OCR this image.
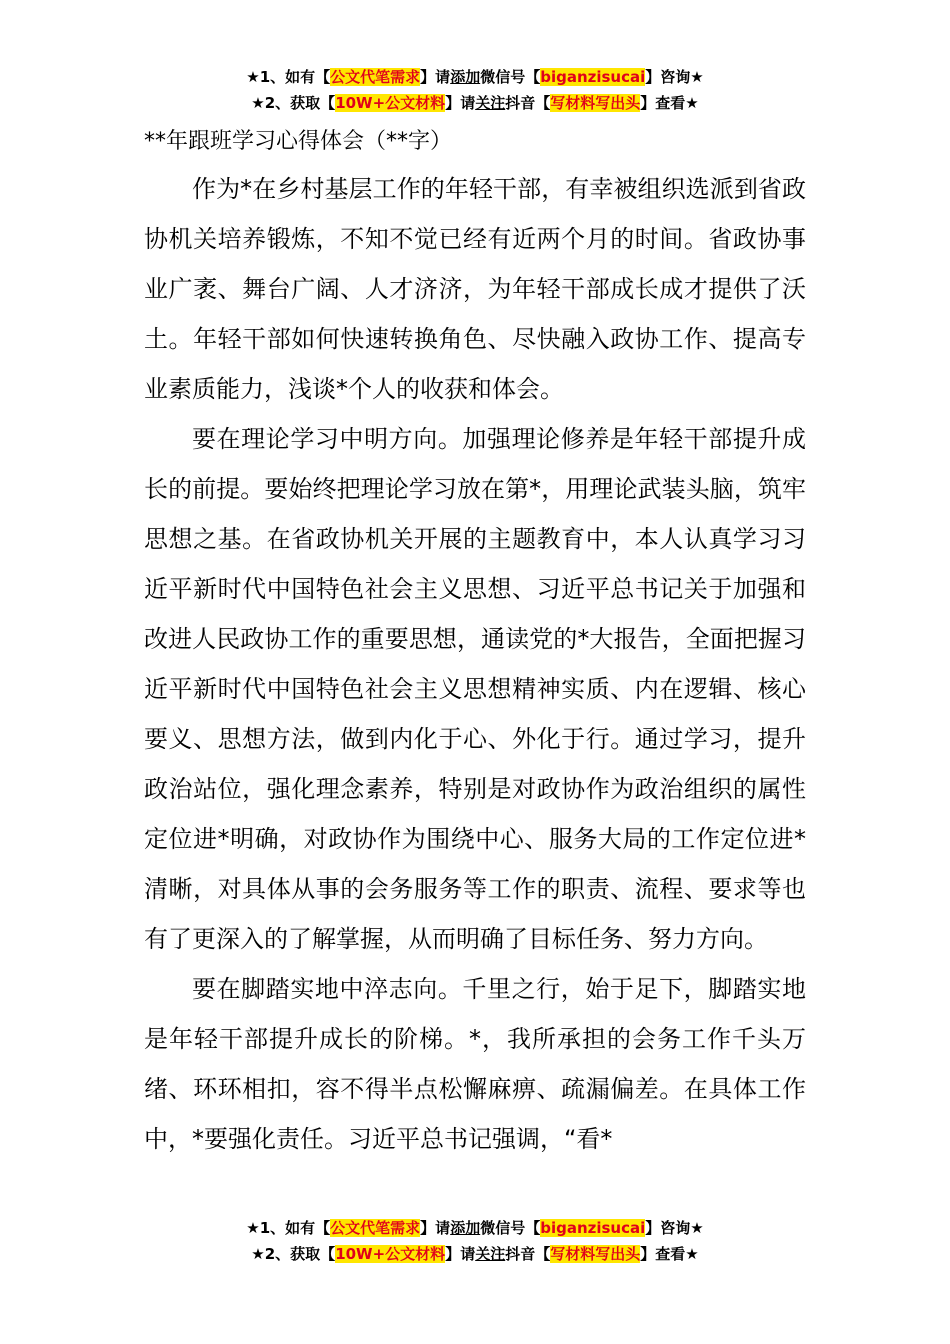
★1、如有【公文代笔需求】请添加微信号【biganzisucai】咨询★
★2、获取【10W+公文材料】请关注抖音【写材料写出头】查看★
**年跟班学习心得体会（**字）

作为*在乡村基层工作的年轻干部，有幸被组织选派到省政协机关培养锻炼，不知不觉已经有近两个月的时间。省政协事业广袤、舞台广阔、人才济济，为年轻干部成长成才提供了沃土。年轻干部如何快速转换角色、尽快融入政协工作、提高专业素质能力，浅谈*个人的收获和体会。

要在理论学习中明方向。加强理论修养是年轻干部提升成长的前提。要始终把理论学习放在第*，用理论武装头脑，筑牢思想之基。在省政协机关开展的主题教育中，本人认真学习习近平新时代中国特色社会主义思想、习近平总书记关于加强和改进人民政协工作的重要思想，通读党的*大报告，全面把握习近平新时代中国特色社会主义思想精神实质、内在逻辑、核心要义、思想方法，做到内化于心、外化于行。通过学习，提升政治站位，强化理念素养，特别是对政协作为政治组织的属性定位进*明确，对政协作为围绕中心、服务大局的工作定位进*清晰，对具体从事的会务服务等工作的职责、流程、要求等也有了更深入的了解掌握，从而明确了目标任务、努力方向。

要在脚踏实地中淬志向。千里之行，始于足下，脚踏实地是年轻干部提升成长的阶梯。*，我所承担的会务工作千头万绪、环环相扣，容不得半点松懈麻痹、疏漏偏差。在具体工作中，*要强化责任。习近平总书记强调，“看*

★1、如有【公文代笔需求】请添加微信号【biganzisucai】咨询★
★2、获取【10W+公文材料】请关注抖音【写材料写出头】查看★
